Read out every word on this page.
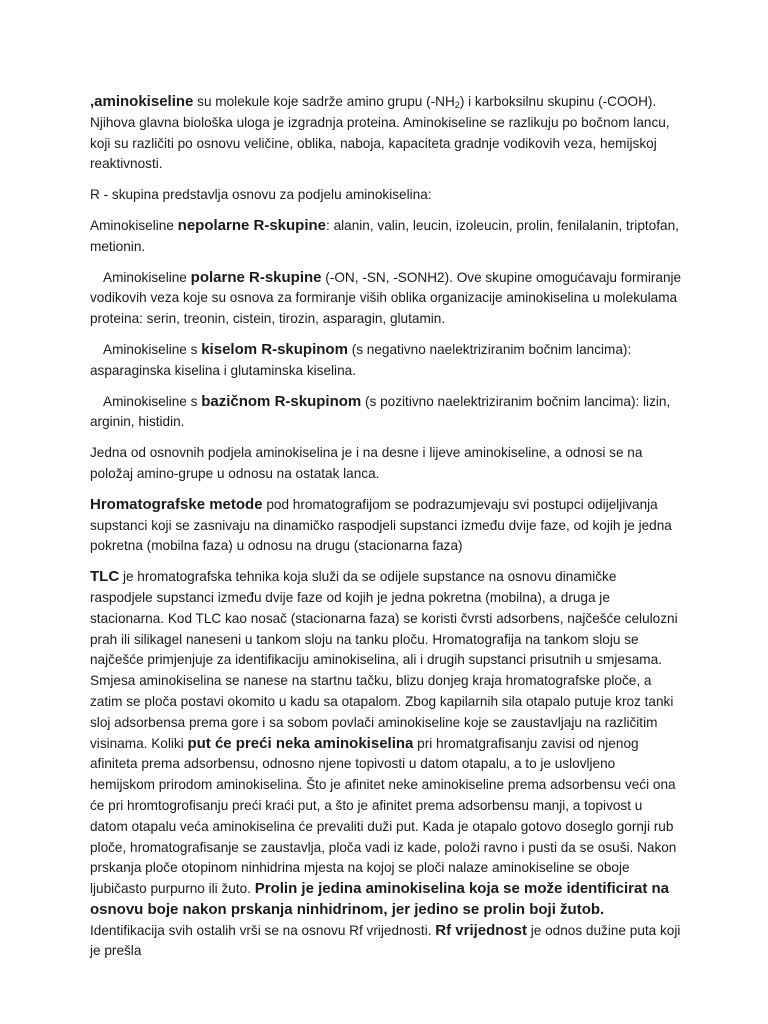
,aminokiseline su molekule koje sadrže amino grupu $(-NH_2)$ i karboksilnu skupinu (-COOH). Njihova glavna biološka uloga je izgradnja proteina. Aminokiseline se razlikuju po bočnom lancu, koji su različiti po osnovu veličine, oblika, naboja, kapaciteta gradnje vodikovih veza, hemijskoj reaktivnosti.

R - skupina predstavlja osnovu za podjelu aminokiselina:

Aminokiseline nepolarne R-skupine: alanin, valin, leucin, izoleucin, prolin, fenilalanin, triptofan, metionin.

Aminokiseline polarne R-skupine (-ON, -SN, -SONH2). Ove skupine omogućavaju formiranje vodikovih veza koje su osnova za formiranje viših oblika organizacije aminokiselina u molekulama proteina: serin, treonin, cistein, tirozin, asparagin, glutamin.

Aminokiseline s kiselom R-skupinom (s negativno naelektriziranim bočnim lancima): asparaginska kiselina i glutaminska kiselina.

Aminokiseline s bazičnom R-skupinom (s pozitivno naelektriziranim bočnim lancima): lizin, arginin, histidin.

Jedna od osnovnih podjela aminokiselina je i na desne i lijeve aminokiseline, a odnosi se na položaj amino-grupe u odnosu na ostatak lanca.

Hromatografske metode pod hromatografijom se podrazumjevaju svi postupci odijeljivanja supstanci koji se zasnivaju na dinamičko raspodjeli supstanci između dvije faze, od kojih je jedna pokretna (mobilna faza) u odnosu na drugu (stacionarna faza)

TLC je hromatografska tehnika koja služi da se odijele supstance na osnovu dinamičke raspodjele supstanci između dvije faze od kojih je jedna pokretna (mobilna), a druga je stacionarna. Kod TLC kao nosač (stacionarna faza) se koristi čvrsti adsorbens, najčešće celulozni prah ili silikagel naneseni u tankom sloju na tanku ploču. Hromatografija na tankom sloju se najčešće primjenjuje za identifikaciju aminokiselina, ali i drugih supstanci prisutnih u smjesama. Smjesa aminokiselina se nanese na startnu tačku, blizu donjeg kraja hromatografske ploče, a zatim se ploča postavi okomito u kadu sa otapalom. Zbog kapilarnih sila otapalo putuje kroz tanki sloj adsorbensa prema gore i sa sobom povlači aminokiseline koje se zaustavljaju na različitim visinama. Koliki put će preći neka aminokiselina pri hromatgrafisanju zavisi od njenog afiniteta prema adsorbensu, odnosno njene topivosti u datom otapalu, a to je uslovljeno hemijskom prirodom aminokiselina. Što je afinitet neke aminokiseline prema adsorbensu veći ona će pri hromtogrofisanju preći kraći put, a što je afinitet prema adsorbensu manji, a topivost u datom otapalu veća aminokiselina će prevaliti duži put. Kada je otapalo gotovo doseglo gornji rub ploče, hromatografisanje se zaustavlja, ploča vadi iz kade, položi ravno i pusti da se osuši. Nakon prskanja ploče otopinom ninhidrina mjesta na kojoj se ploči nalaze aminokiseline se oboje ljubičasto purpurno ili žuto. Prolin je jedina aminokiselina koja se može identificirat na osnovu boje nakon prskanja ninhidrinom, jer jedino se prolin boji žutob. Identifikacija svih ostalih vrši se na osnovu Rf vrijednosti. Rf vrijednost je odnos dužine puta koji je prešla
